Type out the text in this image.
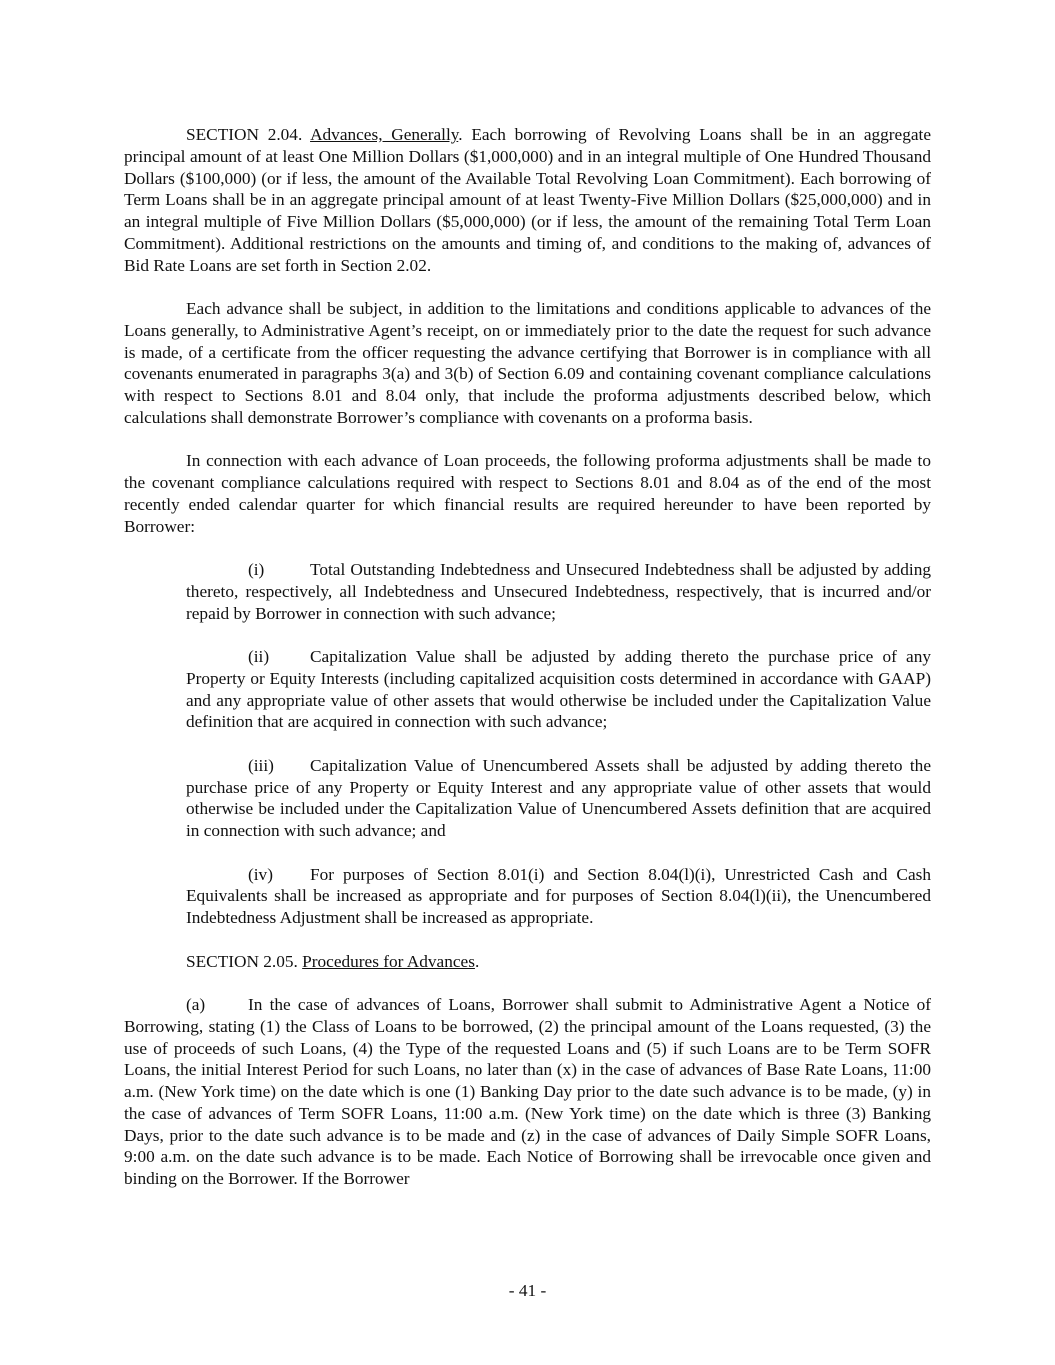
SECTION 2.04. Advances, Generally. Each borrowing of Revolving Loans shall be in an aggregate principal amount of at least One Million Dollars ($1,000,000) and in an integral multiple of One Hundred Thousand Dollars ($100,000) (or if less, the amount of the Available Total Revolving Loan Commitment). Each borrowing of Term Loans shall be in an aggregate principal amount of at least Twenty-Five Million Dollars ($25,000,000) and in an integral multiple of Five Million Dollars ($5,000,000) (or if less, the amount of the remaining Total Term Loan Commitment). Additional restrictions on the amounts and timing of, and conditions to the making of, advances of Bid Rate Loans are set forth in Section 2.02.

Each advance shall be subject, in addition to the limitations and conditions applicable to advances of the Loans generally, to Administrative Agent’s receipt, on or immediately prior to the date the request for such advance is made, of a certificate from the officer requesting the advance certifying that Borrower is in compliance with all covenants enumerated in paragraphs 3(a) and 3(b) of Section 6.09 and containing covenant compliance calculations with respect to Sections 8.01 and 8.04 only, that include the proforma adjustments described below, which calculations shall demonstrate Borrower’s compliance with covenants on a proforma basis.

In connection with each advance of Loan proceeds, the following proforma adjustments shall be made to the covenant compliance calculations required with respect to Sections 8.01 and 8.04 as of the end of the most recently ended calendar quarter for which financial results are required hereunder to have been reported by Borrower:

(i)	Total Outstanding Indebtedness and Unsecured Indebtedness shall be adjusted by adding thereto, respectively, all Indebtedness and Unsecured Indebtedness, respectively, that is incurred and/or repaid by Borrower in connection with such advance;

(ii) Capitalization Value shall be adjusted by adding thereto the purchase price of any Property or Equity Interests (including capitalized acquisition costs determined in accordance with GAAP) and any appropriate value of other assets that would otherwise be included under the Capitalization Value definition that are acquired in connection with such advance;

(iii) Capitalization Value of Unencumbered Assets shall be adjusted by adding thereto the purchase price of any Property or Equity Interest and any appropriate value of other assets that would otherwise be included under the Capitalization Value of Unencumbered Assets definition that are acquired in connection with such advance; and

(iv) For purposes of Section 8.01(i) and Section 8.04(l)(i), Unrestricted Cash and Cash Equivalents shall be increased as appropriate and for purposes of Section 8.04(l)(ii), the Unencumbered Indebtedness Adjustment shall be increased as appropriate.

SECTION 2.05. Procedures for Advances.

(a) In the case of advances of Loans, Borrower shall submit to Administrative Agent a Notice of Borrowing, stating (1) the Class of Loans to be borrowed, (2) the principal amount of the Loans requested, (3) the use of proceeds of such Loans, (4) the Type of the requested Loans and (5) if such Loans are to be Term SOFR Loans, the initial Interest Period for such Loans, no later than (x) in the case of advances of Base Rate Loans, 11:00 a.m. (New York time) on the date which is one (1) Banking Day prior to the date such advance is to be made, (y) in the case of advances of Term SOFR Loans, 11:00 a.m. (New York time) on the date which is three (3) Banking Days, prior to the date such advance is to be made and (z) in the case of advances of Daily Simple SOFR Loans, 9:00 a.m. on the date such advance is to be made. Each Notice of Borrowing shall be irrevocable once given and binding on the Borrower. If the Borrower

- 41 -
